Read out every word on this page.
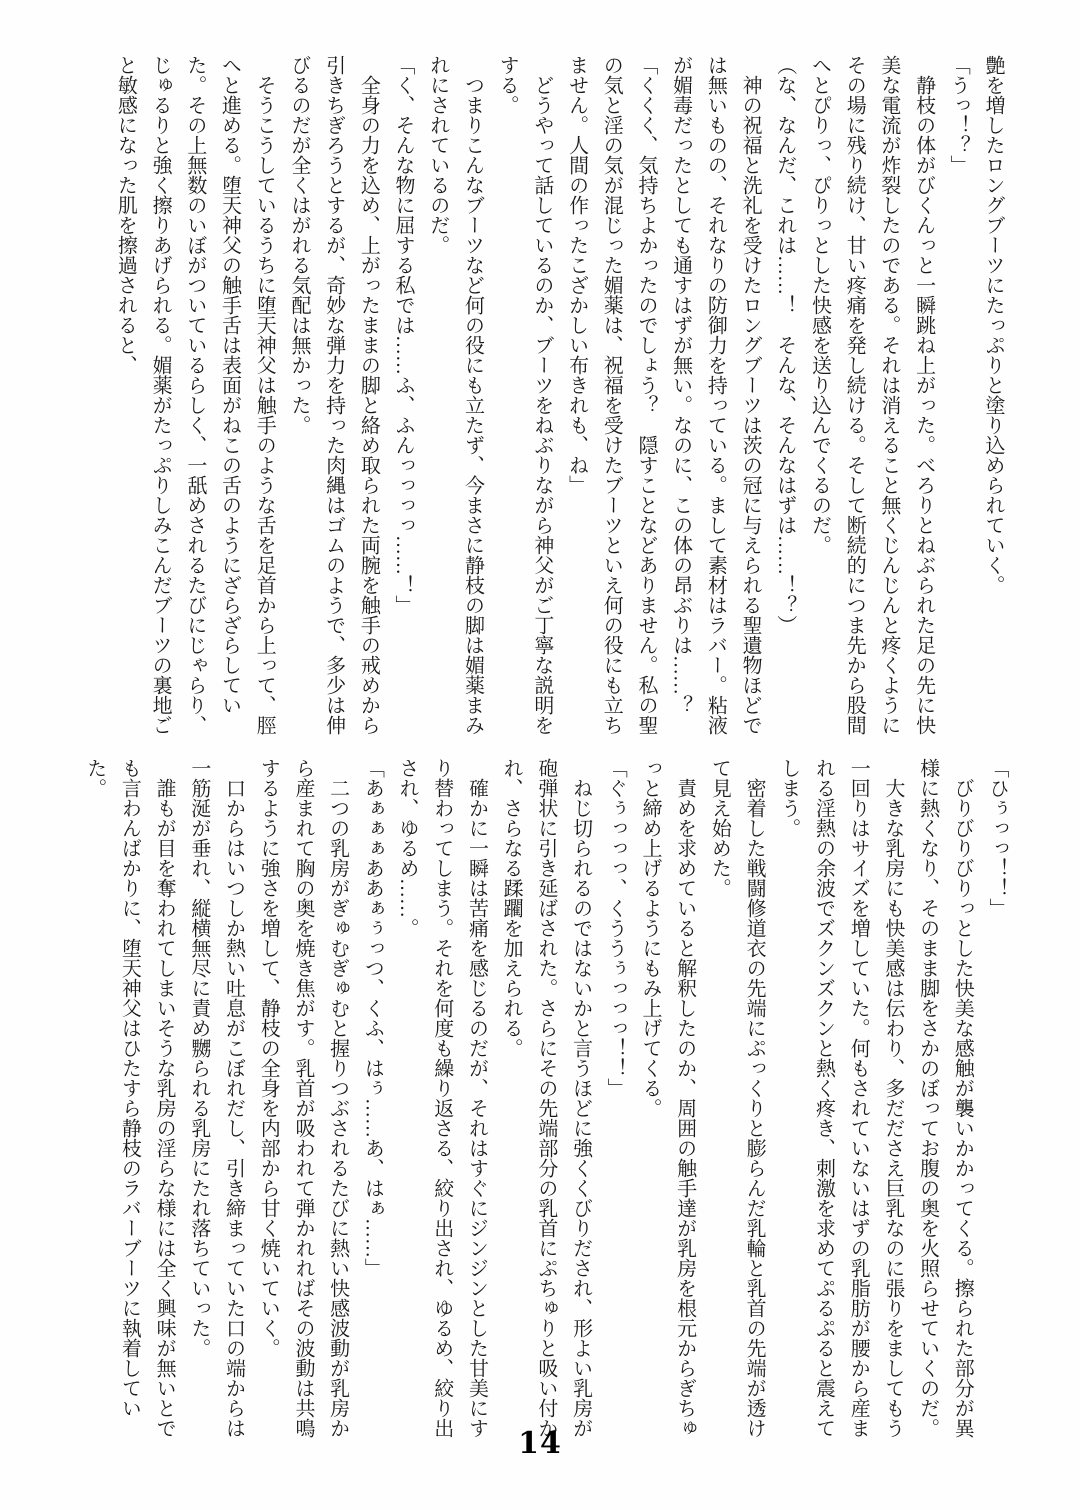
艶を増したロングブーツにたっぷりと塗り込められていく。

「うっ！？」

　静枝の体がびくんっと一瞬跳ね上がった。べろりとねぶられた足の先に快美な電流が炸裂したのである。それは消えること無くじんじんと疼くようにその場に残り続け、甘い疼痛を発し続ける。そして断続的につま先から股間へとぴりっ、ぴりっとした快感を送り込んでくるのだ。

（な、なんだ、これは……！　そんな、そんなはずは……！？）

　神の祝福と洗礼を受けたロングブーツは茨の冠に与えられる聖遺物ほどでは無いものの、それなりの防御力を持っている。まして素材はラバー。粘液が媚毒だったとしても通すはずが無い。なのに、この体の昂ぶりは……？

「くくく、気持ちよかったのでしょう？　隠すことなどありません。私の聖の気と淫の気が混じった媚薬は、祝福を受けたブーツといえ何の役にも立ちません。人間の作ったこざかしい布きれも、ね」

　どうやって話しているのか、ブーツをねぶりながら神父がご丁寧な説明をする。

　つまりこんなブーツなど何の役にも立たず、今まさに静枝の脚は媚薬まみれにされているのだ。

「く、そんな物に屈する私では……ふ、ふんっっっっ……！」

　全身の力を込め、上がったままの脚と絡め取られた両腕を触手の戒めから引きちぎろうとするが、奇妙な弾力を持った肉縄はゴムのようで、多少は伸びるのだが全くはがれる気配は無かった。

　そうこうしているうちに堕天神父は触手のような舌を足首から上って、脛へと進める。堕天神父の触手舌は表面がねこの舌のようにざらざらしていた。その上無数のいぼがついているらしく、一舐めされるたびにじゃらり、じゅるりと強く擦りあげられる。媚薬がたっぷりしみこんだブーツの裏地ごと敏感になった肌を擦過されると、

「ひぅっっ！！」

　びりびりびりっとした快美な感触が襲いかかってくる。擦られた部分が異様に熱くなり、そのまま脚をさかのぼってお腹の奥を火照らせていくのだ。

　大きな乳房にも快美感は伝わり、多だださえ巨乳なのに張りをましてもう一回りはサイズを増していた。何もされていないはずの乳脂肪が腰から産まれる淫熱の余波でズクンズクンと熱く疼き、刺激を求めてぷるぷると震えてしまう。

　密着した戦闘修道衣の先端にぷっくりと膨らんだ乳輪と乳首の先端が透けて見え始めた。

　責めを求めていると解釈したのか、周囲の触手達が乳房を根元からぎちゅっと締め上げるようにもみ上げてくる。

「ぐぅっっっ、くううぅっっっ！！」

　ねじ切られるのではないかと言うほどに強くくびりだされ、形よい乳房が砲弾状に引き延ばされた。さらにその先端部分の乳首にぷちゅりと吸い付かれ、さらなる蹂躙を加えられる。

　確かに一瞬は苦痛を感じるのだが、それはすぐにジンジンとした甘美にすり替わってしまう。それを何度も繰り返さる、絞り出され、ゆるめ、絞り出され、ゆるめ……。

「あぁぁぁああぁぅっつ、くふ、はぅ……あ、はぁ……」

　二つの乳房がぎゅむぎゅむと握りつぶされるたびに熱い快感波動が乳房から産まれて胸の奥を焼き焦がす。乳首が吸われて弾かれればその波動は共鳴するように強さを増して、静枝の全身を内部から甘く焼いていく。

　口からはいつしか熱い吐息がこぼれだし、引き締まっていた口の端からは一筋涎が垂れ、縦横無尽に責め嬲られる乳房にたれ落ちていった。

　誰もが目を奪われてしまいそうな乳房の淫らな様には全く興味が無いとでも言わんばかりに、堕天神父はひたすら静枝のラバーブーツに執着していた。

14
